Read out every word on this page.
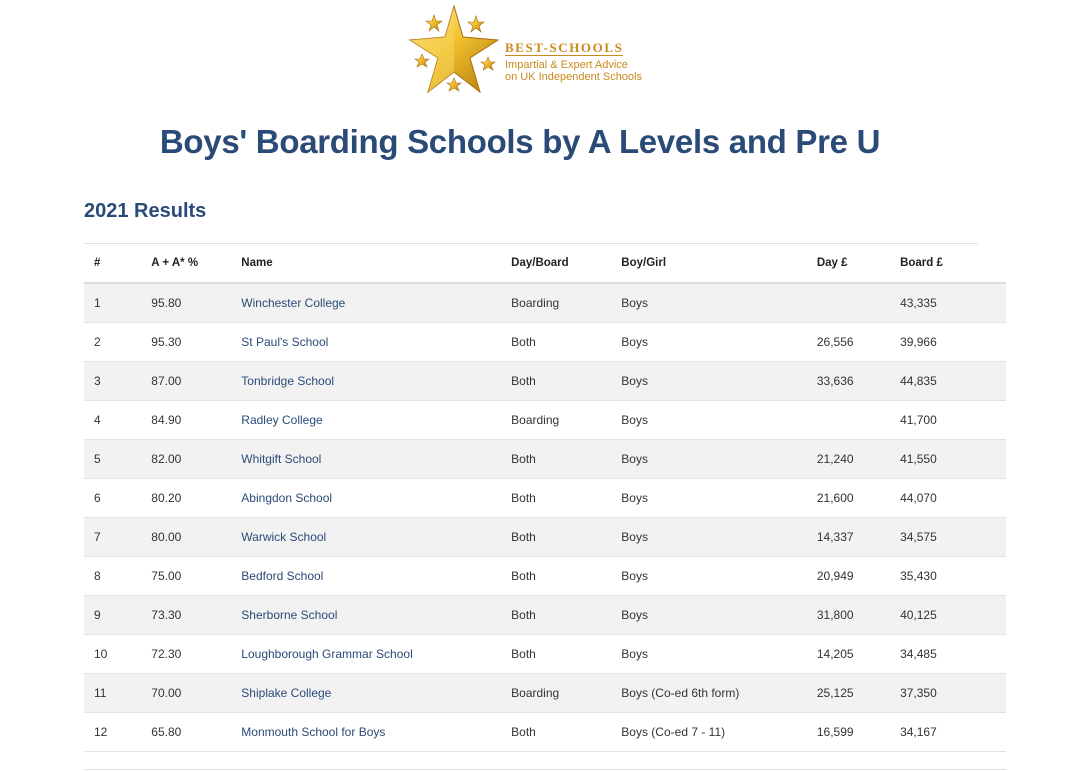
BEST-SCHOOLS
Impartial & Expert Advice
on UK Independent Schools
Boys' Boarding Schools by A Levels and Pre U
2021 Results
#	A + A* %	Name	Day/Board	Boy/Girl	Day £	Board £
1	95.80	Winchester College	Boarding	Boys		43,335
2	95.30	St Paul's School	Both	Boys	26,556	39,966
3	87.00	Tonbridge School	Both	Boys	33,636	44,835
4	84.90	Radley College	Boarding	Boys		41,700
5	82.00	Whitgift School	Both	Boys	21,240	41,550
6	80.20	Abingdon School	Both	Boys	21,600	44,070
7	80.00	Warwick School	Both	Boys	14,337	34,575
8	75.00	Bedford School	Both	Boys	20,949	35,430
9	73.30	Sherborne School	Both	Boys	31,800	40,125
10	72.30	Loughborough Grammar School	Both	Boys	14,205	34,485
11	70.00	Shiplake College	Boarding	Boys (Co-ed 6th form)	25,125	37,350
12	65.80	Monmouth School for Boys	Both	Boys (Co-ed 7 - 11)	16,599	34,167
